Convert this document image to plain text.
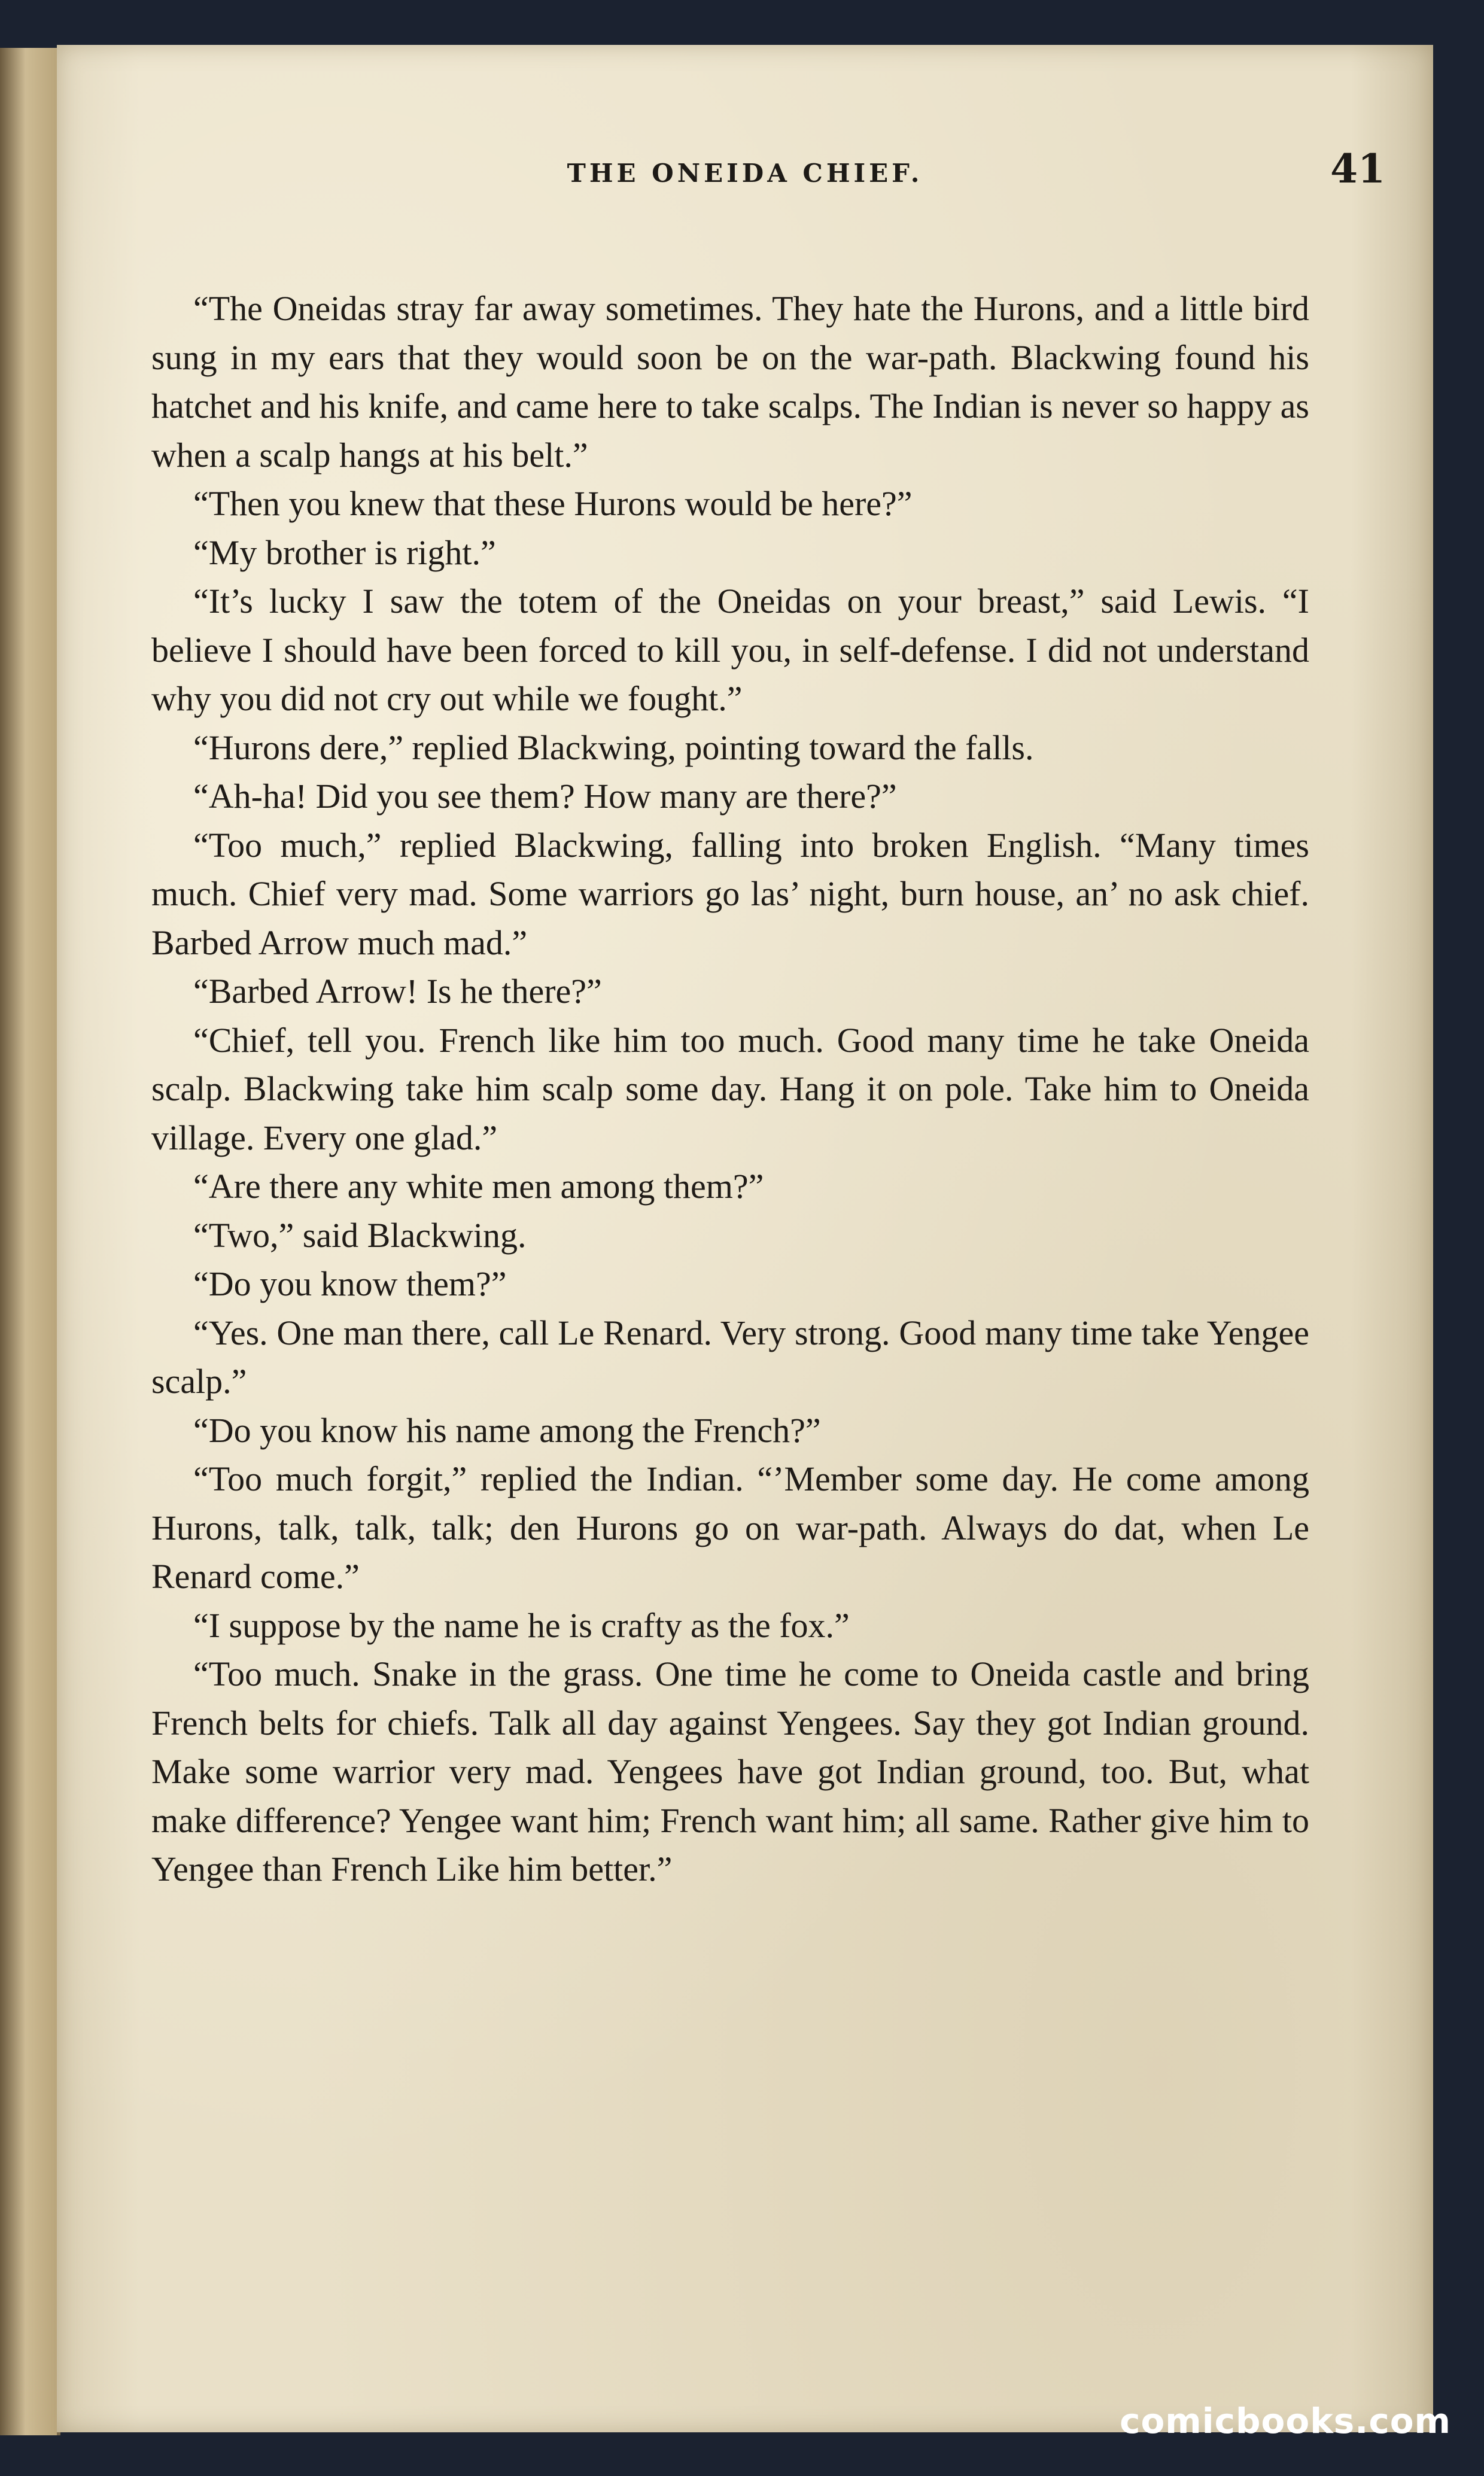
THE ONEIDA CHIEF.	41

“The Oneidas stray far away sometimes. They hate the Hurons, and a little bird sung in my ears that they would soon be on the war-path. Blackwing found his hatchet and his knife, and came here to take scalps. The Indian is never so happy as when a scalp hangs at his belt.”

“Then you knew that these Hurons would be here?”

“My brother is right.”

“It’s lucky I saw the totem of the Oneidas on your breast,” said Lewis. “I believe I should have been forced to kill you, in self-defense. I did not understand why you did not cry out while we fought.”

“Hurons dere,” replied Blackwing, pointing toward the falls.

“Ah-ha! Did you see them? How many are there?”

“Too much,” replied Blackwing, falling into broken English. “Many times much. Chief very mad. Some warriors go las’ night, burn house, an’ no ask chief. Barbed Arrow much mad.”

“Barbed Arrow! Is he there?”

“Chief, tell you. French like him too much. Good many time he take Oneida scalp. Blackwing take him scalp some day. Hang it on pole. Take him to Oneida village. Every one glad.”

“Are there any white men among them?”

“Two,” said Blackwing.

“Do you know them?”

“Yes. One man there, call Le Renard. Very strong. Good many time take Yengee scalp.”

“Do you know his name among the French?”

“Too much forgit,” replied the Indian. “’Member some day. He come among Hurons, talk, talk, talk; den Hurons go on war-path. Always do dat, when Le Renard come.”

“I suppose by the name he is crafty as the fox.”

“Too much. Snake in the grass. One time he come to Oneida castle and bring French belts for chiefs. Talk all day against Yengees. Say they got Indian ground. Make some warrior very mad. Yengees have got Indian ground, too. But, what make difference? Yengee want him; French want him; all same. Rather give him to Yengee than French Like him better.”

comicbooks.com
